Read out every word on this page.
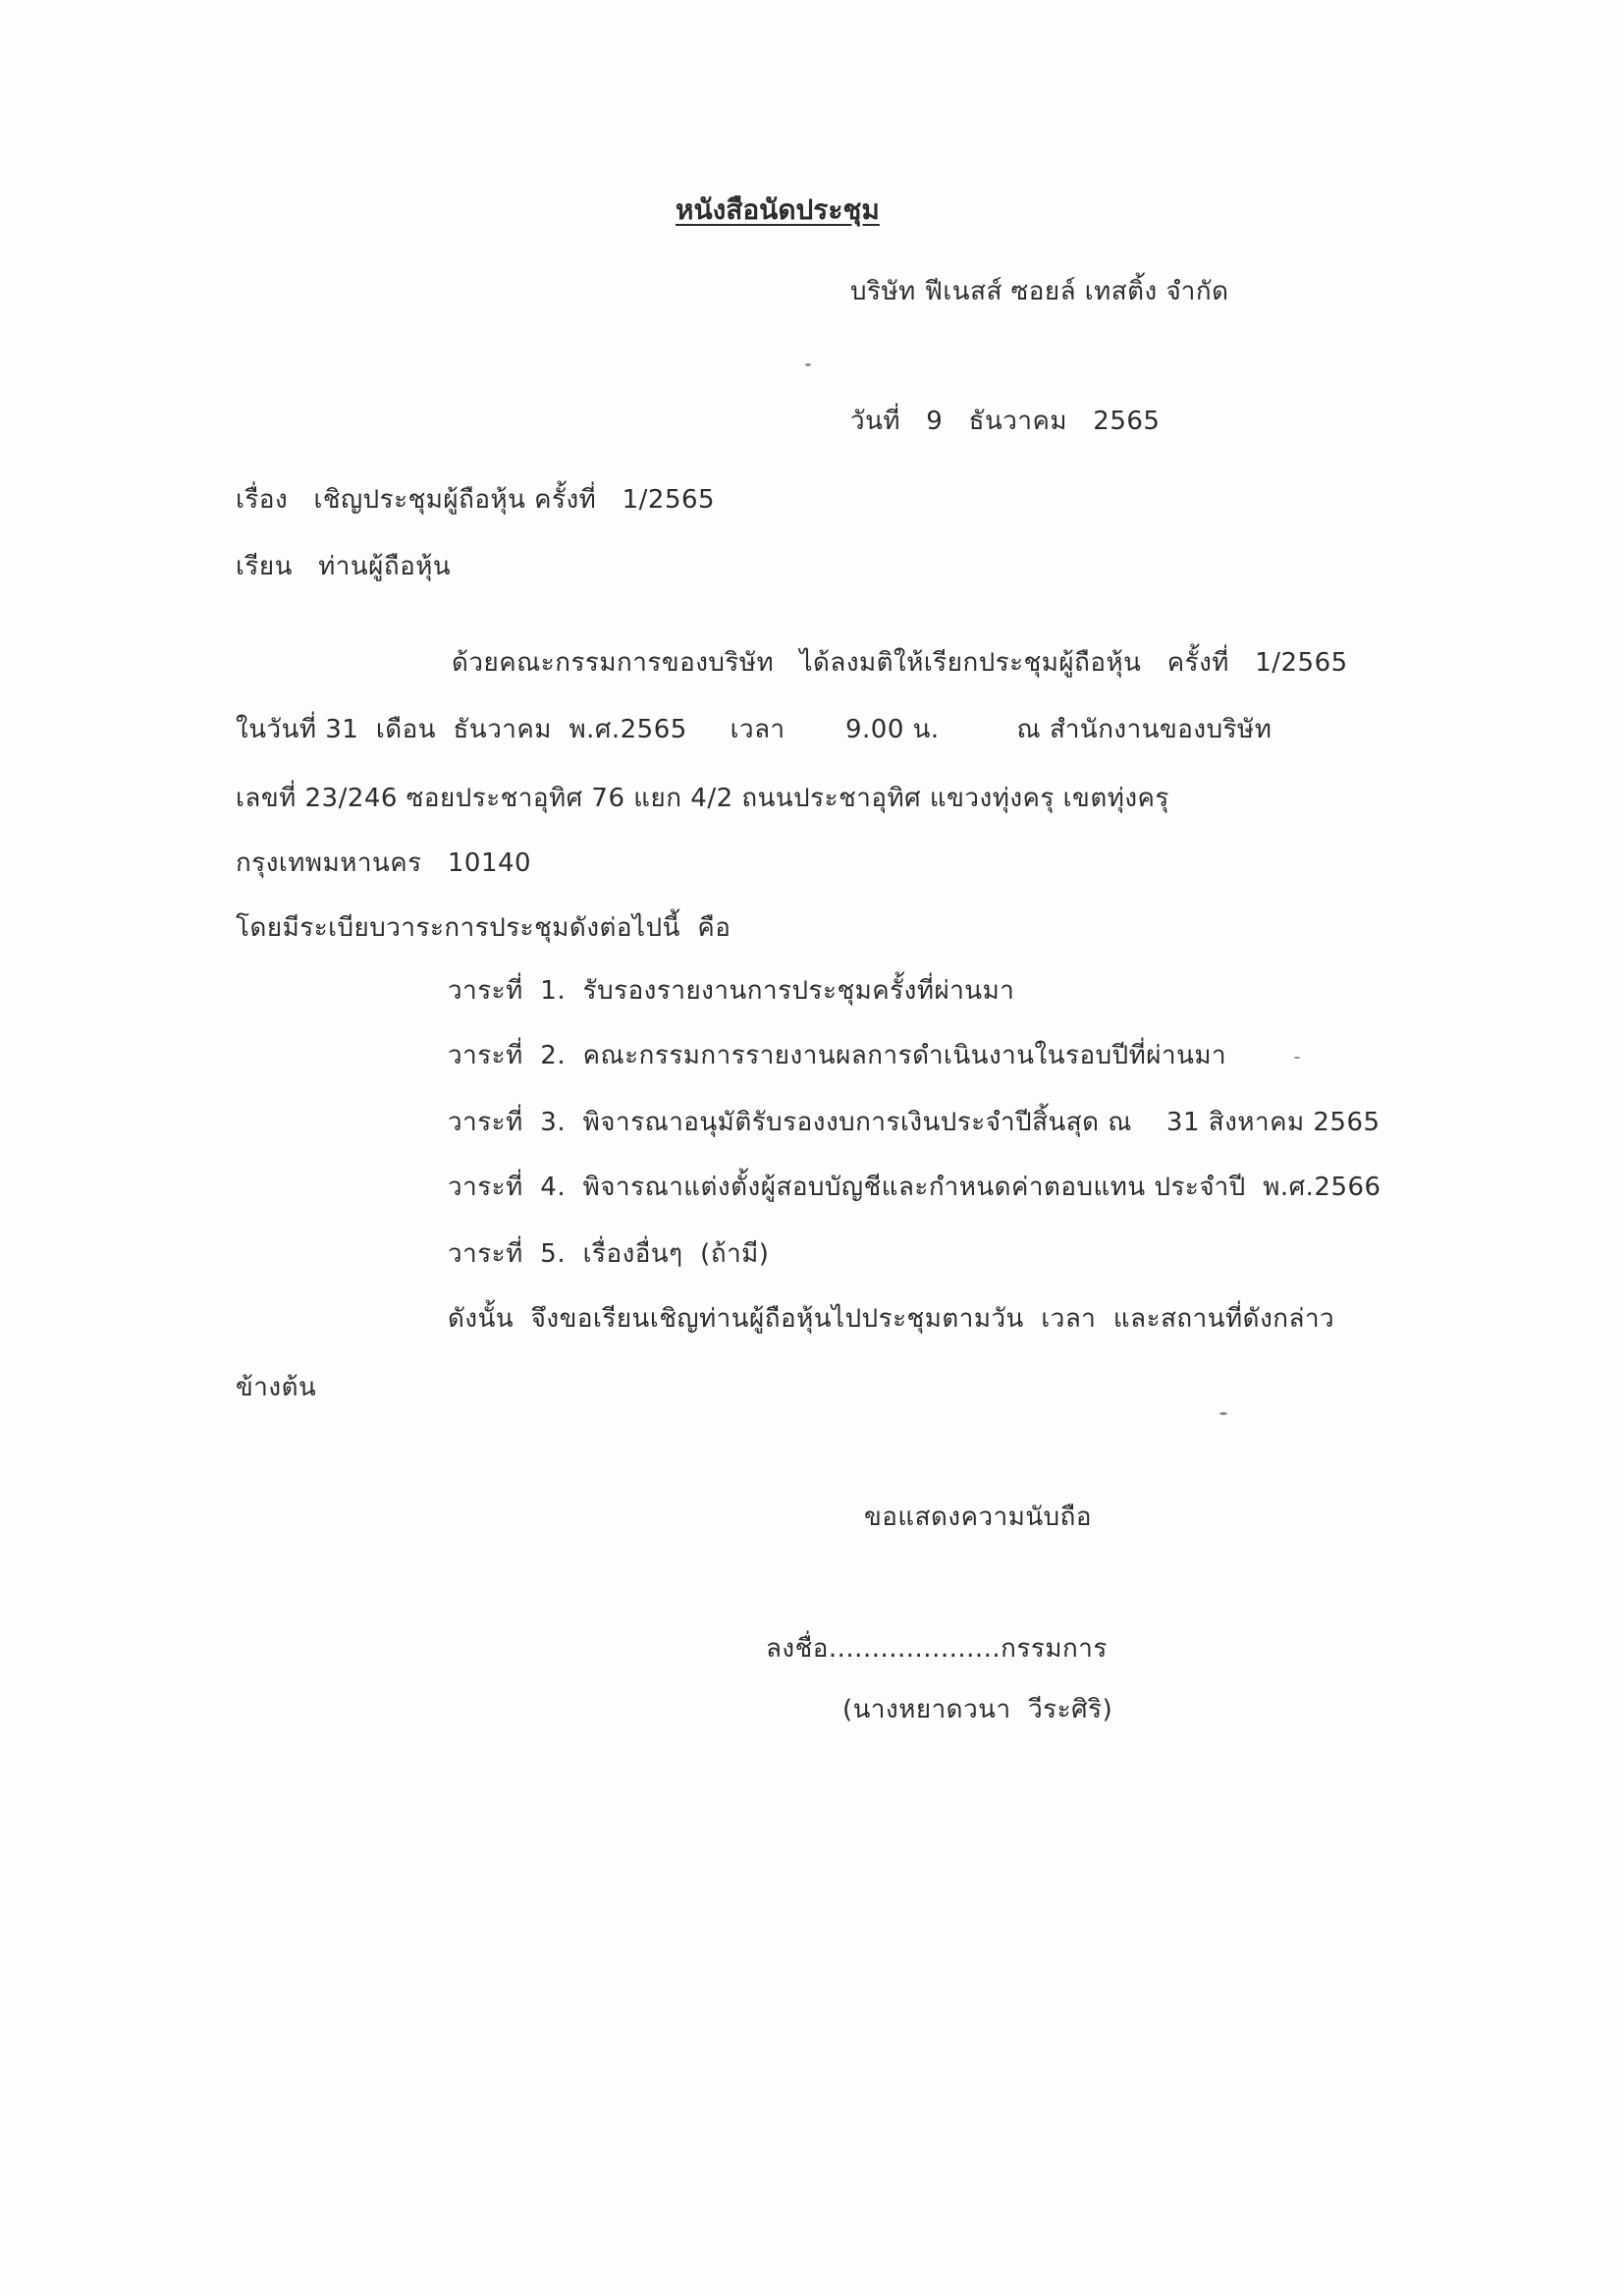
หนังสือนัดประชุม
บริษัท ฟีเนสส์ ซอยล์ เทสติ้ง จำกัด
วันที่   9   ธันวาคม   2565
เรื่อง   เชิญประชุมผู้ถือหุ้น ครั้งที่   1/2565
เรียน   ท่านผู้ถือหุ้น
ด้วยคณะกรรมการของบริษัท   ได้ลงมติให้เรียกประชุมผู้ถือหุ้น   ครั้งที่   1/2565
ในวันที่ 31  เดือน  ธันวาคม  พ.ศ.2565     เวลา       9.00 น.         ณ สำนักงานของบริษัท
เลขที่ 23/246 ซอยประชาอุทิศ 76 แยก 4/2 ถนนประชาอุทิศ แขวงทุ่งครุ เขตทุ่งครุ
กรุงเทพมหานคร   10140
โดยมีระเบียบวาระการประชุมดังต่อไปนี้  คือ
วาระที่  1.  รับรองรายงานการประชุมครั้งที่ผ่านมา
วาระที่  2.  คณะกรรมการรายงานผลการดำเนินงานในรอบปีที่ผ่านมา
วาระที่  3.  พิจารณาอนุมัติรับรองงบการเงินประจำปีสิ้นสุด ณ    31 สิงหาคม 2565
วาระที่  4.  พิจารณาแต่งตั้งผู้สอบบัญชีและกำหนดค่าตอบแทน ประจำปี  พ.ศ.2566
วาระที่  5.  เรื่องอื่นๆ  (ถ้ามี)
ดังนั้น  จึงขอเรียนเชิญท่านผู้ถือหุ้นไปประชุมตามวัน  เวลา  และสถานที่ดังกล่าว
ข้างต้น
ขอแสดงความนับถือ
ลงชื่อ....................กรรมการ
(นางหยาดวนา  วีระศิริ)
